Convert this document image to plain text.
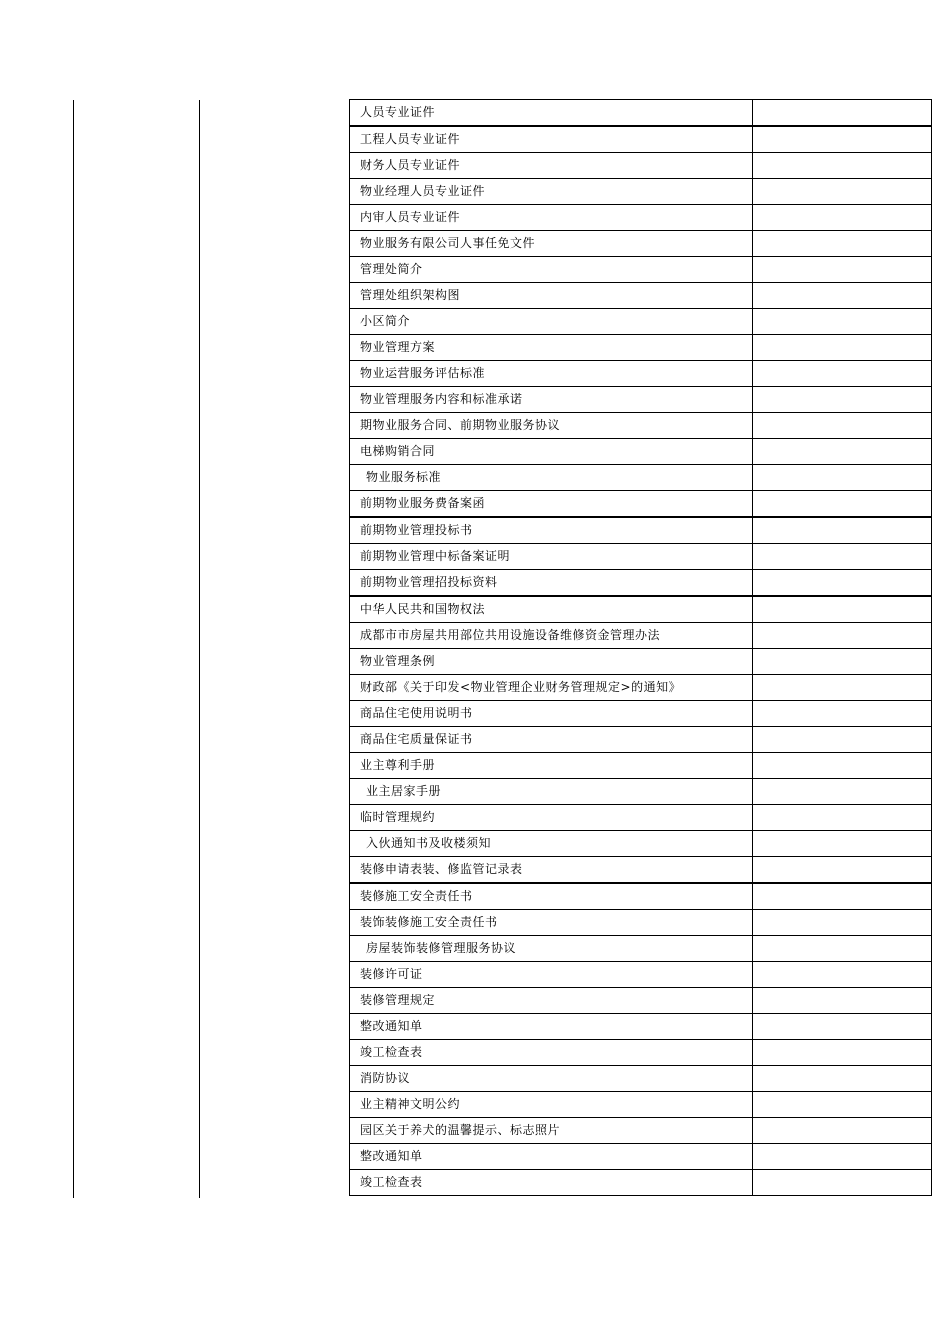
人员专业证件	
工程人员专业证件	
财务人员专业证件	
物业经理人员专业证件	
内审人员专业证件	
物业服务有限公司人事任免文件	
管理处简介	
管理处组织架构图	
小区简介	
物业管理方案	
物业运营服务评估标准	
物业管理服务内容和标准承诺	
期物业服务合同、前期物业服务协议	
电梯购销合同	
物业服务标准	
前期物业服务费备案函	
前期物业管理投标书	
前期物业管理中标备案证明	
前期物业管理招投标资料	
中华人民共和国物权法	
成都市市房屋共用部位共用设施设备维修资金管理办法	
物业管理条例	
财政部《关于印发<物业管理企业财务管理规定>的通知》	
商品住宅使用说明书	
商品住宅质量保证书	
业主尊利手册	
业主居家手册	
临时管理规约	
入伙通知书及收楼须知	
装修申请表装、修监管记录表	
装修施工安全责任书	
装饰装修施工安全责任书	
房屋装饰装修管理服务协议	
装修许可证	
装修管理规定	
整改通知单	
竣工检查表	
消防协议	
业主精神文明公约	
园区关于养犬的温馨提示、标志照片	
整改通知单	
竣工检查表	
